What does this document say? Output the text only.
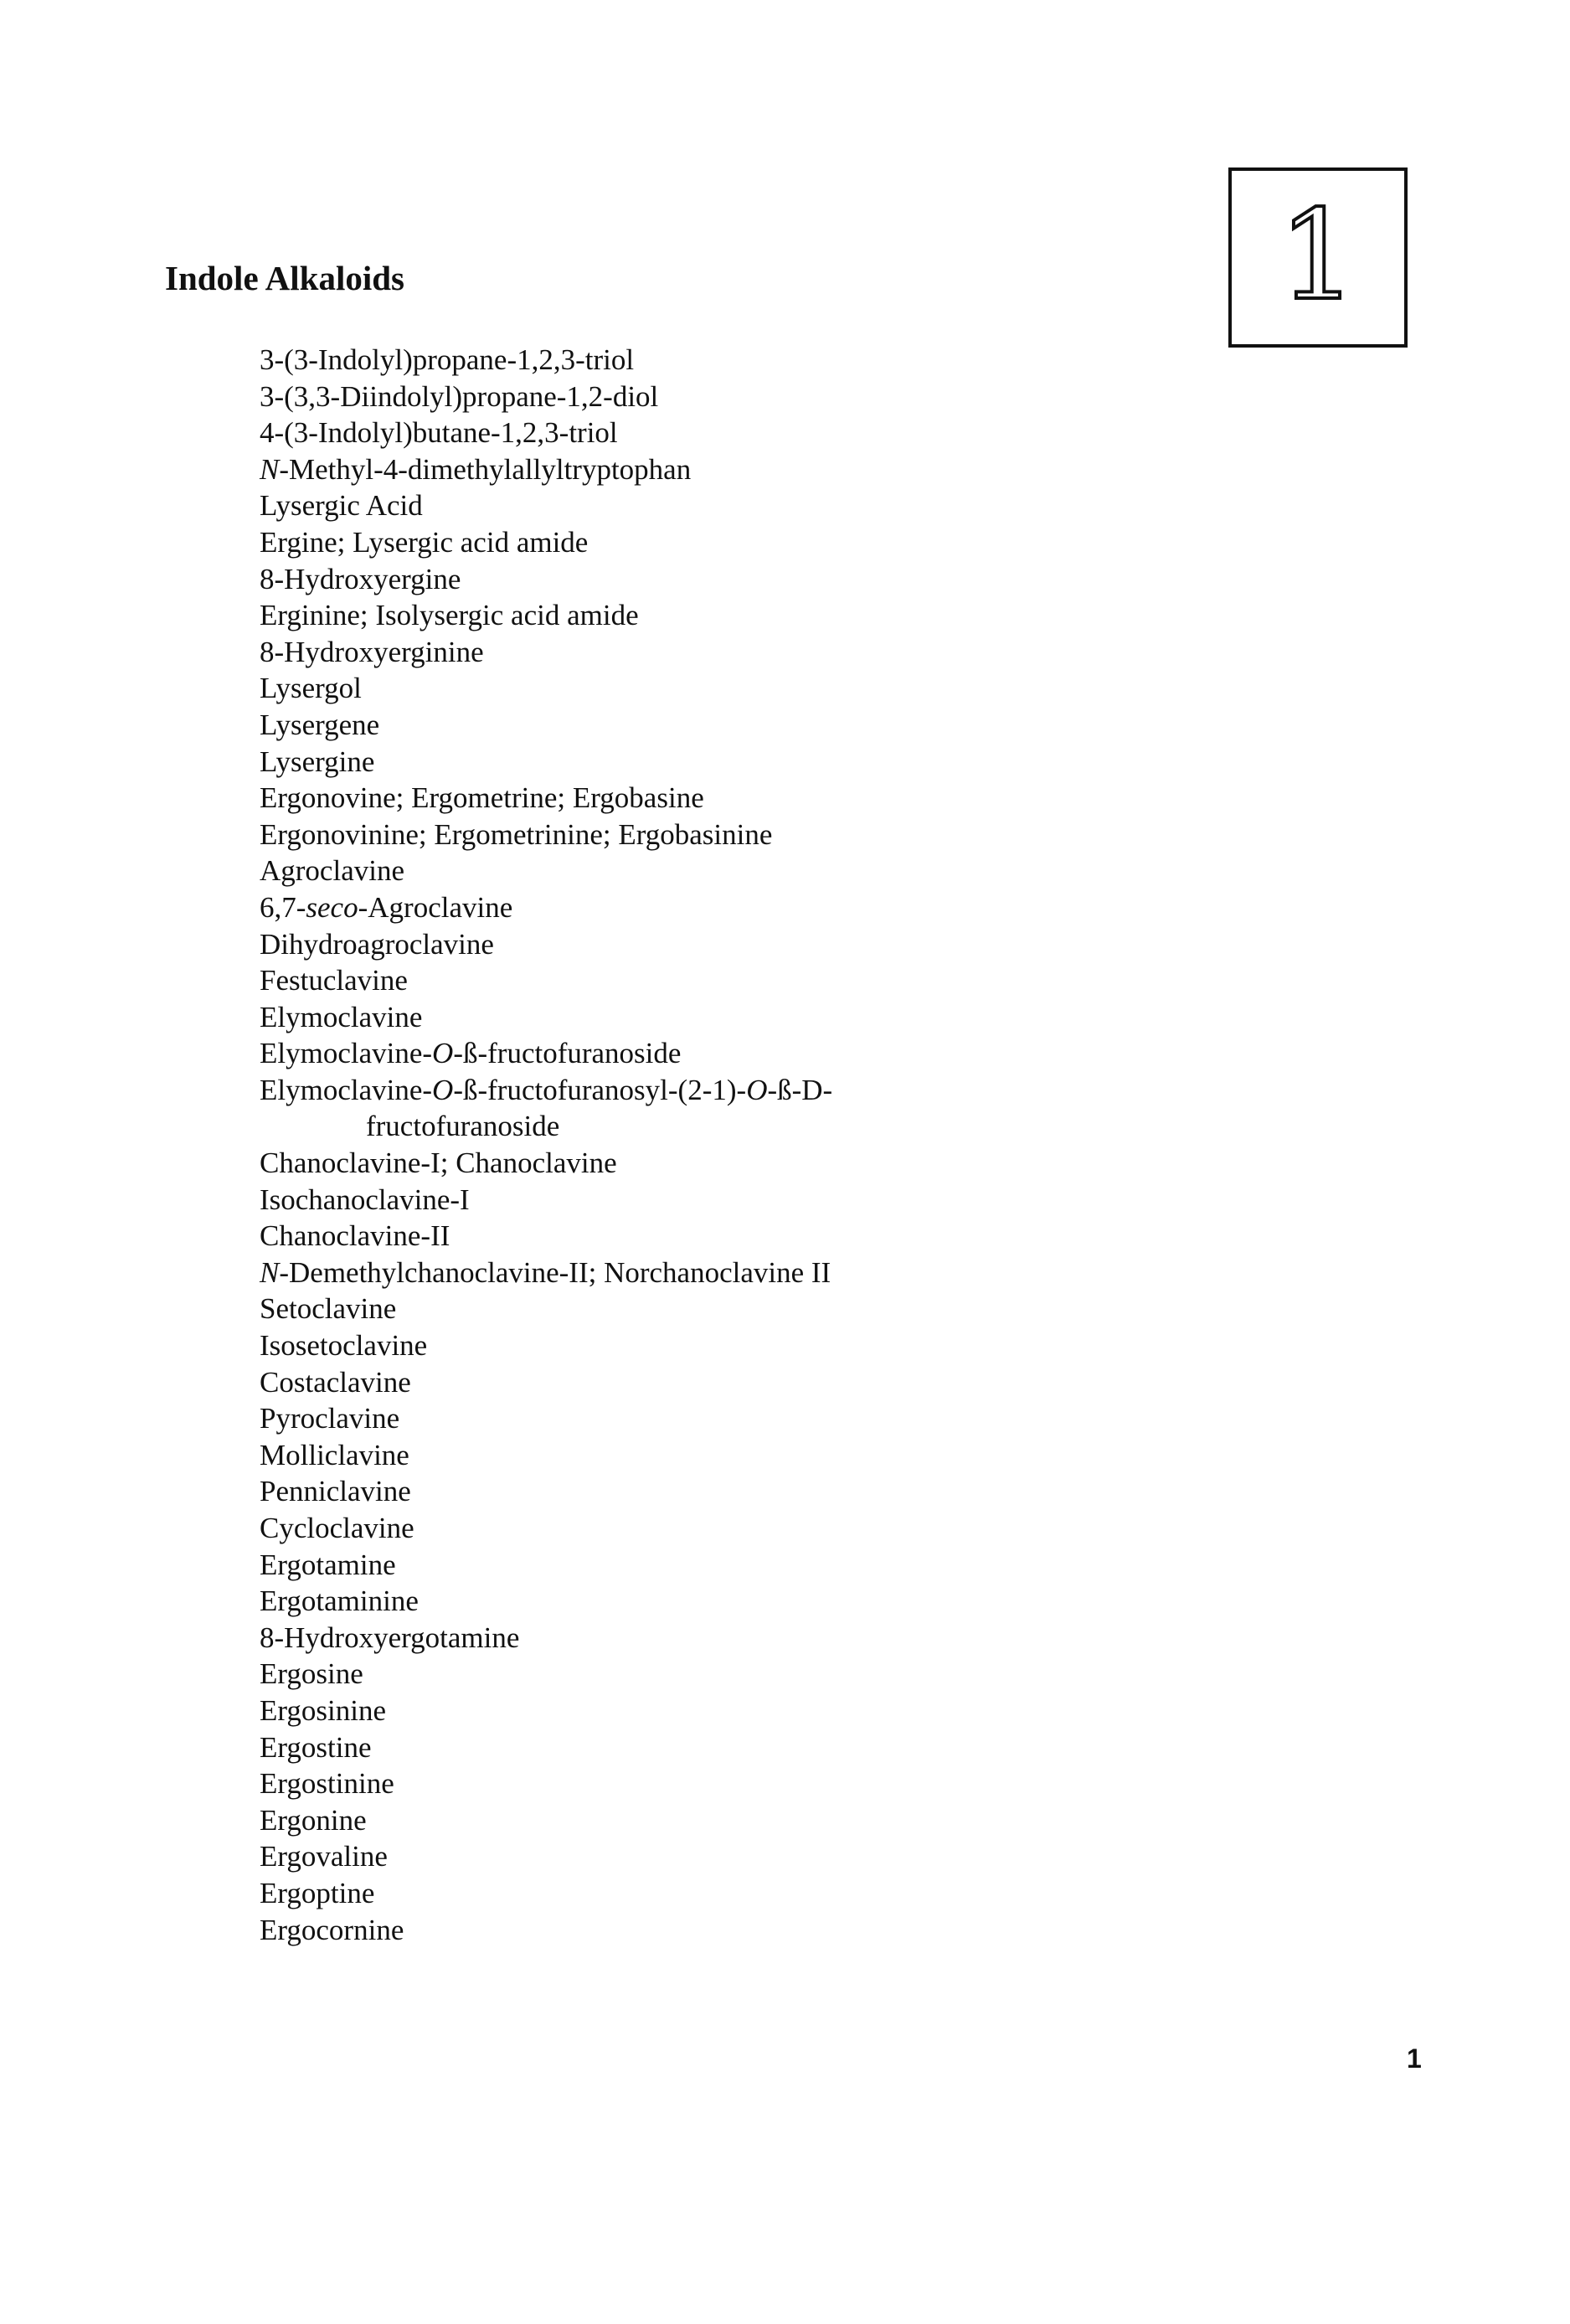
Indole Alkaloids	1
3-(3-Indolyl)propane-1,2,3-triol
3-(3,3-Diindolyl)propane-1,2-diol
4-(3-Indolyl)butane-1,2,3-triol
N-Methyl-4-dimethylallyltryptophan
Lysergic Acid
Ergine; Lysergic acid amide
8-Hydroxyergine
Erginine; Isolysergic acid amide
8-Hydroxyerginine
Lysergol
Lysergene
Lysergine
Ergonovine; Ergometrine; Ergobasine
Ergonovinine; Ergometrinine; Ergobasinine
Agroclavine
6,7-seco-Agroclavine
Dihydroagroclavine
Festuclavine
Elymoclavine
Elymoclavine-O-ß-fructofuranoside
Elymoclavine-O-ß-fructofuranosyl-(2-1)-O-ß-D-
fructofuranoside
Chanoclavine-I; Chanoclavine
Isochanoclavine-I
Chanoclavine-II
N-Demethylchanoclavine-II; Norchanoclavine II
Setoclavine
Isosetoclavine
Costaclavine
Pyroclavine
Molliclavine
Penniclavine
Cycloclavine
Ergotamine
Ergotaminine
8-Hydroxyergotamine
Ergosine
Ergosinine
Ergostine
Ergostinine
Ergonine
Ergovaline
Ergoptine
Ergocornine
1
